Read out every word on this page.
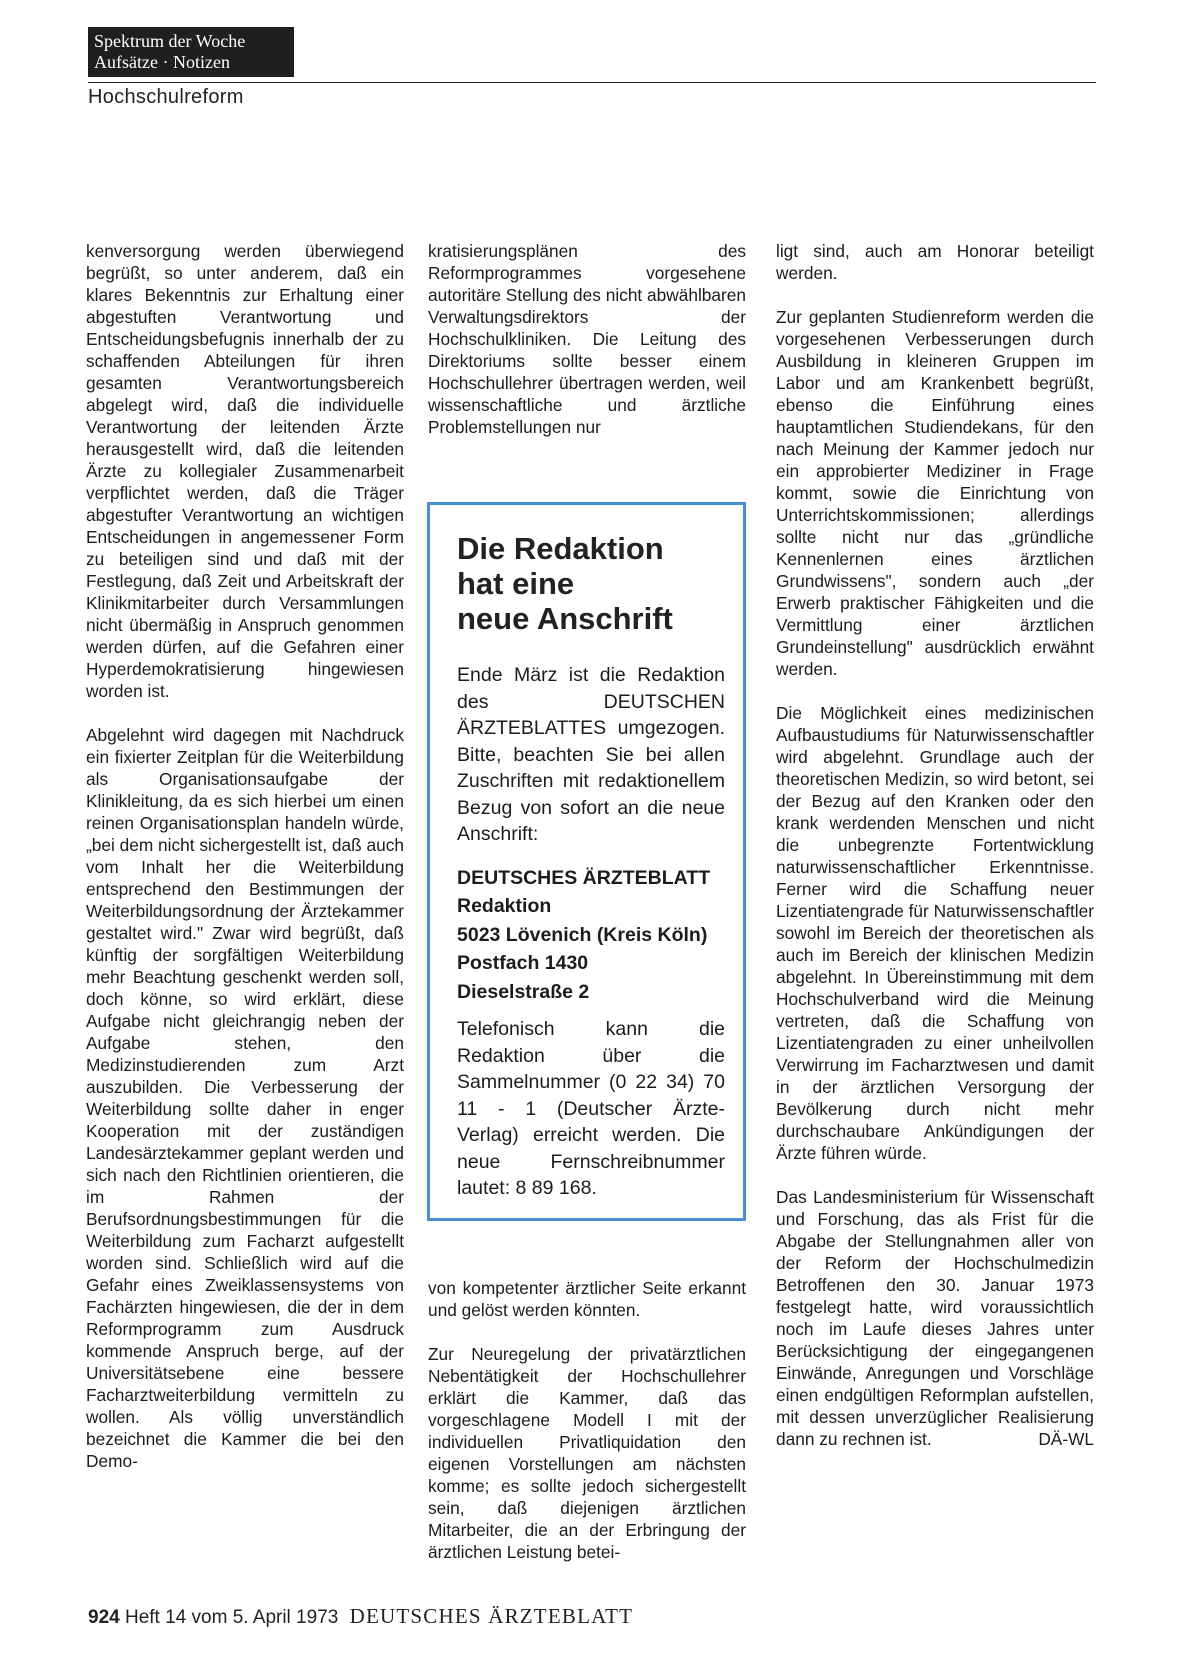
Spektrum der Woche
Aufsätze · Notizen
Hochschulreform

kenversorgung werden überwiegend begrüßt, so unter anderem, daß ein klares Bekenntnis zur Erhaltung einer abgestuften Verantwortung und Entscheidungsbefugnis innerhalb der zu schaffenden Abteilungen für ihren gesamten Verantwortungsbereich abgelegt wird, daß die individuelle Verantwortung der leitenden Ärzte herausgestellt wird, daß die leitenden Ärzte zu kollegialer Zusammenarbeit verpflichtet werden, daß die Träger abgestufter Verantwortung an wichtigen Entscheidungen in angemessener Form zu beteiligen sind und daß mit der Festlegung, daß Zeit und Arbeitskraft der Klinikmitarbeiter durch Versammlungen nicht übermäßig in Anspruch genommen werden dürfen, auf die Gefahren einer Hyperdemokratisierung hingewiesen worden ist.

Abgelehnt wird dagegen mit Nachdruck ein fixierter Zeitplan für die Weiterbildung als Organisationsaufgabe der Klinikleitung, da es sich hierbei um einen reinen Organisationsplan handeln würde, „bei dem nicht sichergestellt ist, daß auch vom Inhalt her die Weiterbildung entsprechend den Bestimmungen der Weiterbildungsordnung der Ärztekammer gestaltet wird." Zwar wird begrüßt, daß künftig der sorgfältigen Weiterbildung mehr Beachtung geschenkt werden soll, doch könne, so wird erklärt, diese Aufgabe nicht gleichrangig neben der Aufgabe stehen, den Medizinstudierenden zum Arzt auszubilden. Die Verbesserung der Weiterbildung sollte daher in enger Kooperation mit der zuständigen Landesärztekammer geplant werden und sich nach den Richtlinien orientieren, die im Rahmen der Berufsordnungsbestimmungen für die Weiterbildung zum Facharzt aufgestellt worden sind. Schließlich wird auf die Gefahr eines Zweiklassensystems von Fachärzten hingewiesen, die der in dem Reformprogramm zum Ausdruck kommende Anspruch berge, auf der Universitätsebene eine bessere Facharztweiterbildung vermitteln zu wollen. Als völlig unverständlich bezeichnet die Kammer die bei den Demo-

kratisierungsplänen des Reformprogrammes vorgesehene autoritäre Stellung des nicht abwählbaren Verwaltungsdirektors der Hochschulkliniken. Die Leitung des Direktoriums sollte besser einem Hochschullehrer übertragen werden, weil wissenschaftliche und ärztliche Problemstellungen nur

Die Redaktion
hat eine
neue Anschrift

Ende März ist die Redaktion des DEUTSCHEN ÄRZTEBLATTES umgezogen. Bitte, beachten Sie bei allen Zuschriften mit redaktionellem Bezug von sofort an die neue Anschrift:

DEUTSCHES ÄRZTEBLATT
Redaktion
5023 Lövenich (Kreis Köln)
Postfach 1430
Dieselstraße 2

Telefonisch kann die Redaktion über die Sammelnummer (0 22 34) 70 11 - 1 (Deutscher Ärzte-Verlag) erreicht werden. Die neue Fernschreibnummer lautet: 8 89 168.

von kompetenter ärztlicher Seite erkannt und gelöst werden könnten.

Zur Neuregelung der privatärztlichen Nebentätigkeit der Hochschullehrer erklärt die Kammer, daß das vorgeschlagene Modell I mit der individuellen Privatliquidation den eigenen Vorstellungen am nächsten komme; es sollte jedoch sichergestellt sein, daß diejenigen ärztlichen Mitarbeiter, die an der Erbringung der ärztlichen Leistung betei-

ligt sind, auch am Honorar beteiligt werden.

Zur geplanten Studienreform werden die vorgesehenen Verbesserungen durch Ausbildung in kleineren Gruppen im Labor und am Krankenbett begrüßt, ebenso die Einführung eines hauptamtlichen Studiendekans, für den nach Meinung der Kammer jedoch nur ein approbierter Mediziner in Frage kommt, sowie die Einrichtung von Unterrichtskommissionen; allerdings sollte nicht nur das „gründliche Kennenlernen eines ärztlichen Grundwissens", sondern auch „der Erwerb praktischer Fähigkeiten und die Vermittlung einer ärztlichen Grundeinstellung" ausdrücklich erwähnt werden.

Die Möglichkeit eines medizinischen Aufbaustudiums für Naturwissenschaftler wird abgelehnt. Grundlage auch der theoretischen Medizin, so wird betont, sei der Bezug auf den Kranken oder den krank werdenden Menschen und nicht die unbegrenzte Fortentwicklung naturwissenschaftlicher Erkenntnisse. Ferner wird die Schaffung neuer Lizentiatengrade für Naturwissenschaftler sowohl im Bereich der theoretischen als auch im Bereich der klinischen Medizin abgelehnt. In Übereinstimmung mit dem Hochschulverband wird die Meinung vertreten, daß die Schaffung von Lizentiatengraden zu einer unheilvollen Verwirrung im Facharztwesen und damit in der ärztlichen Versorgung der Bevölkerung durch nicht mehr durchschaubare Ankündigungen der Ärzte führen würde.

Das Landesministerium für Wissenschaft und Forschung, das als Frist für die Abgabe der Stellungnahmen aller von der Reform der Hochschulmedizin Betroffenen den 30. Januar 1973 festgelegt hatte, wird voraussichtlich noch im Laufe dieses Jahres unter Berücksichtigung der eingegangenen Einwände, Anregungen und Vorschläge einen endgültigen Reformplan aufstellen, mit dessen unverzüglicher Realisierung dann zu rechnen ist.	DÄ-WL

924 Heft 14 vom 5. April 1973 DEUTSCHES ÄRZTEBLATT
